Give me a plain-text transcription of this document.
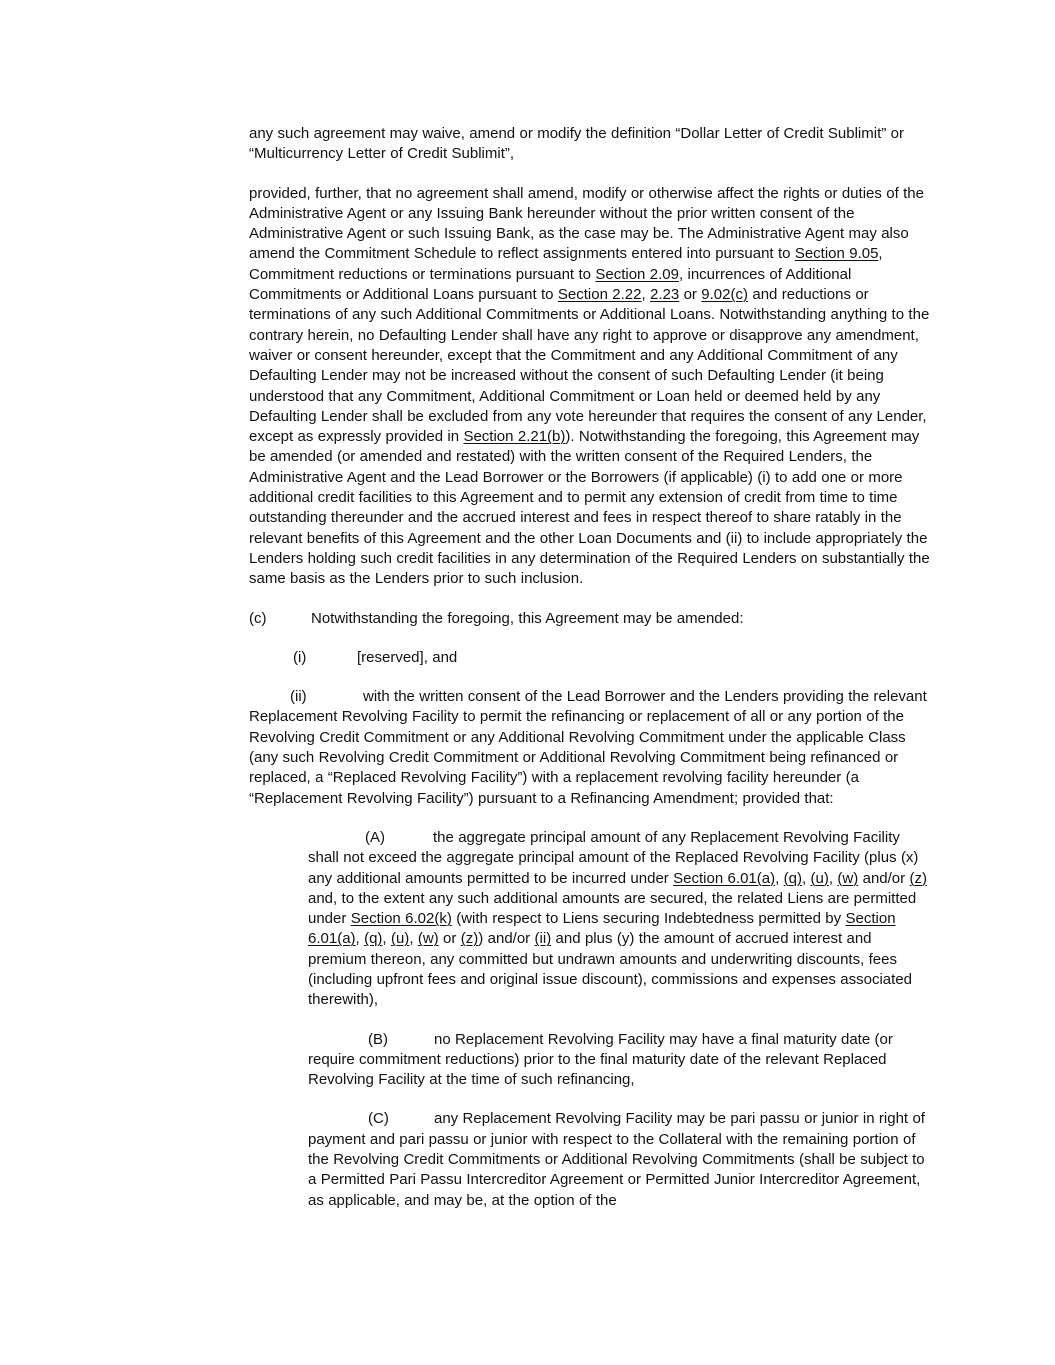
any such agreement may waive, amend or modify the definition “Dollar Letter of Credit Sublimit” or “Multicurrency Letter of Credit Sublimit”,

provided, further, that no agreement shall amend, modify or otherwise affect the rights or duties of the Administrative Agent or any Issuing Bank hereunder without the prior written consent of the Administrative Agent or such Issuing Bank, as the case may be. The Administrative Agent may also amend the Commitment Schedule to reflect assignments entered into pursuant to Section 9.05, Commitment reductions or terminations pursuant to Section 2.09, incurrences of Additional Commitments or Additional Loans pursuant to Section 2.22, 2.23 or 9.02(c) and reductions or terminations of any such Additional Commitments or Additional Loans. Notwithstanding anything to the contrary herein, no Defaulting Lender shall have any right to approve or disapprove any amendment, waiver or consent hereunder, except that the Commitment and any Additional Commitment of any Defaulting Lender may not be increased without the consent of such Defaulting Lender (it being understood that any Commitment, Additional Commitment or Loan held or deemed held by any Defaulting Lender shall be excluded from any vote hereunder that requires the consent of any Lender, except as expressly provided in Section 2.21(b)). Notwithstanding the foregoing, this Agreement may be amended (or amended and restated) with the written consent of the Required Lenders, the Administrative Agent and the Lead Borrower or the Borrowers (if applicable) (i) to add one or more additional credit facilities to this Agreement and to permit any extension of credit from time to time outstanding thereunder and the accrued interest and fees in respect thereof to share ratably in the relevant benefits of this Agreement and the other Loan Documents and (ii) to include appropriately the Lenders holding such credit facilities in any determination of the Required Lenders on substantially the same basis as the Lenders prior to such inclusion.

(c)	Notwithstanding the foregoing, this Agreement may be amended:

(i)	[reserved], and

(ii)	with the written consent of the Lead Borrower and the Lenders providing the relevant Replacement Revolving Facility to permit the refinancing or replacement of all or any portion of the Revolving Credit Commitment or any Additional Revolving Commitment under the applicable Class (any such Revolving Credit Commitment or Additional Revolving Commitment being refinanced or replaced, a “Replaced Revolving Facility”) with a replacement revolving facility hereunder (a “Replacement Revolving Facility”) pursuant to a Refinancing Amendment; provided that:

(A)	the aggregate principal amount of any Replacement Revolving Facility shall not exceed the aggregate principal amount of the Replaced Revolving Facility (plus (x) any additional amounts permitted to be incurred under Section 6.01(a), (q), (u), (w) and/or (z) and, to the extent any such additional amounts are secured, the related Liens are permitted under Section 6.02(k) (with respect to Liens securing Indebtedness permitted by Section 6.01(a), (q), (u), (w) or (z)) and/or (ii) and plus (y) the amount of accrued interest and premium thereon, any committed but undrawn amounts and underwriting discounts, fees (including upfront fees and original issue discount), commissions and expenses associated therewith),

(B)	no Replacement Revolving Facility may have a final maturity date (or require commitment reductions) prior to the final maturity date of the relevant Replaced Revolving Facility at the time of such refinancing,

(C)	any Replacement Revolving Facility may be pari passu or junior in right of payment and pari passu or junior with respect to the Collateral with the remaining portion of the Revolving Credit Commitments or Additional Revolving Commitments (shall be subject to a Permitted Pari Passu Intercreditor Agreement or Permitted Junior Intercreditor Agreement, as applicable, and may be, at the option of the
